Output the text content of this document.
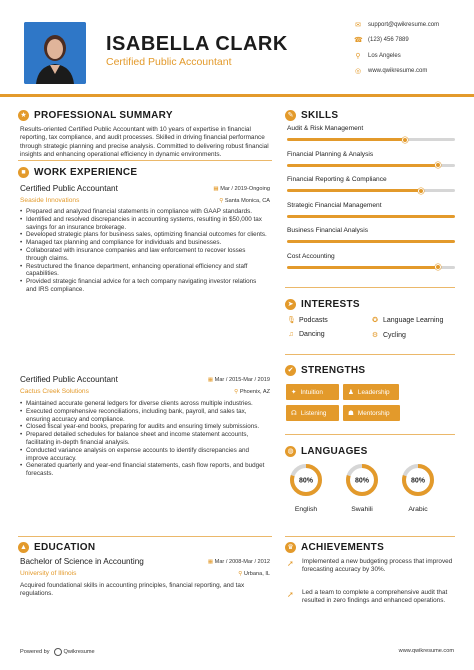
ISABELLA CLARK
Certified Public Accountant
✉ support@qwikresume.com
☎ (123) 456 7889
⚲ Los Angeles
◎ www.qwikresume.com
★ PROFESSIONAL SUMMARY
Results-oriented Certified Public Accountant with 10 years of expertise in financial reporting, tax compliance, and audit processes. Skilled in driving financial performance through strategic planning and precise analysis. Committed to delivering robust financial insights and enhancing operational efficiency in dynamic environments.
■ WORK EXPERIENCE
Certified Public Accountant	▦ Mar / 2019-Ongoing
Seaside Innovations	⚲ Santa Monica, CA
• Prepared and analyzed financial statements in compliance with GAAP standards.
• Identified and resolved discrepancies in accounting systems, resulting in $50,000 tax savings for an insurance brokerage.
• Developed strategic plans for business sales, optimizing financial outcomes for clients.
• Managed tax planning and compliance for individuals and businesses.
• Collaborated with insurance companies and law enforcement to recover losses through claims.
• Restructured the finance department, enhancing operational efficiency and staff capabilities.
• Provided strategic financial advice for a tech company navigating investor relations and IRS compliance.
Certified Public Accountant	▦ Mar / 2015-Mar / 2019
Cactus Creek Solutions	⚲ Phoenix, AZ
• Maintained accurate general ledgers for diverse clients across multiple industries.
• Executed comprehensive reconciliations, including bank, payroll, and sales tax, ensuring accuracy and compliance.
• Closed fiscal year-end books, preparing for audits and ensuring timely submissions.
• Prepared detailed schedules for balance sheet and income statement accounts, facilitating in-depth financial analysis.
• Conducted variance analysis on expense accounts to identify discrepancies and improve accuracy.
• Generated quarterly and year-end financial statements, cash flow reports, and budget forecasts.
▲ EDUCATION
Bachelor of Science in Accounting	▦ Mar / 2008-Mar / 2012
University of Illinois	⚲ Urbana, IL
Acquired foundational skills in accounting principles, financial reporting, and tax regulations.
✎ SKILLS
Audit & Risk Management
Financial Planning & Analysis
Financial Reporting & Compliance
Strategic Financial Management
Business Financial Analysis
Cost Accounting
➤ INTERESTS
🎙 Podcasts	✪ Language Learning
♫ Dancing	⚙ Cycling
✔ STRENGTHS
✦ Intuition	♟ Leadership
☊ Listening	☗ Mentorship
◍ LANGUAGES
80%
English
80%
Swahili
80%
Arabic
♛ ACHIEVEMENTS
➚ Implemented a new budgeting process that improved forecasting accuracy by 30%.
➚ Led a team to complete a comprehensive audit that resulted in zero findings and enhanced operations.
Powered by	Qwikresume	www.qwikresume.com
